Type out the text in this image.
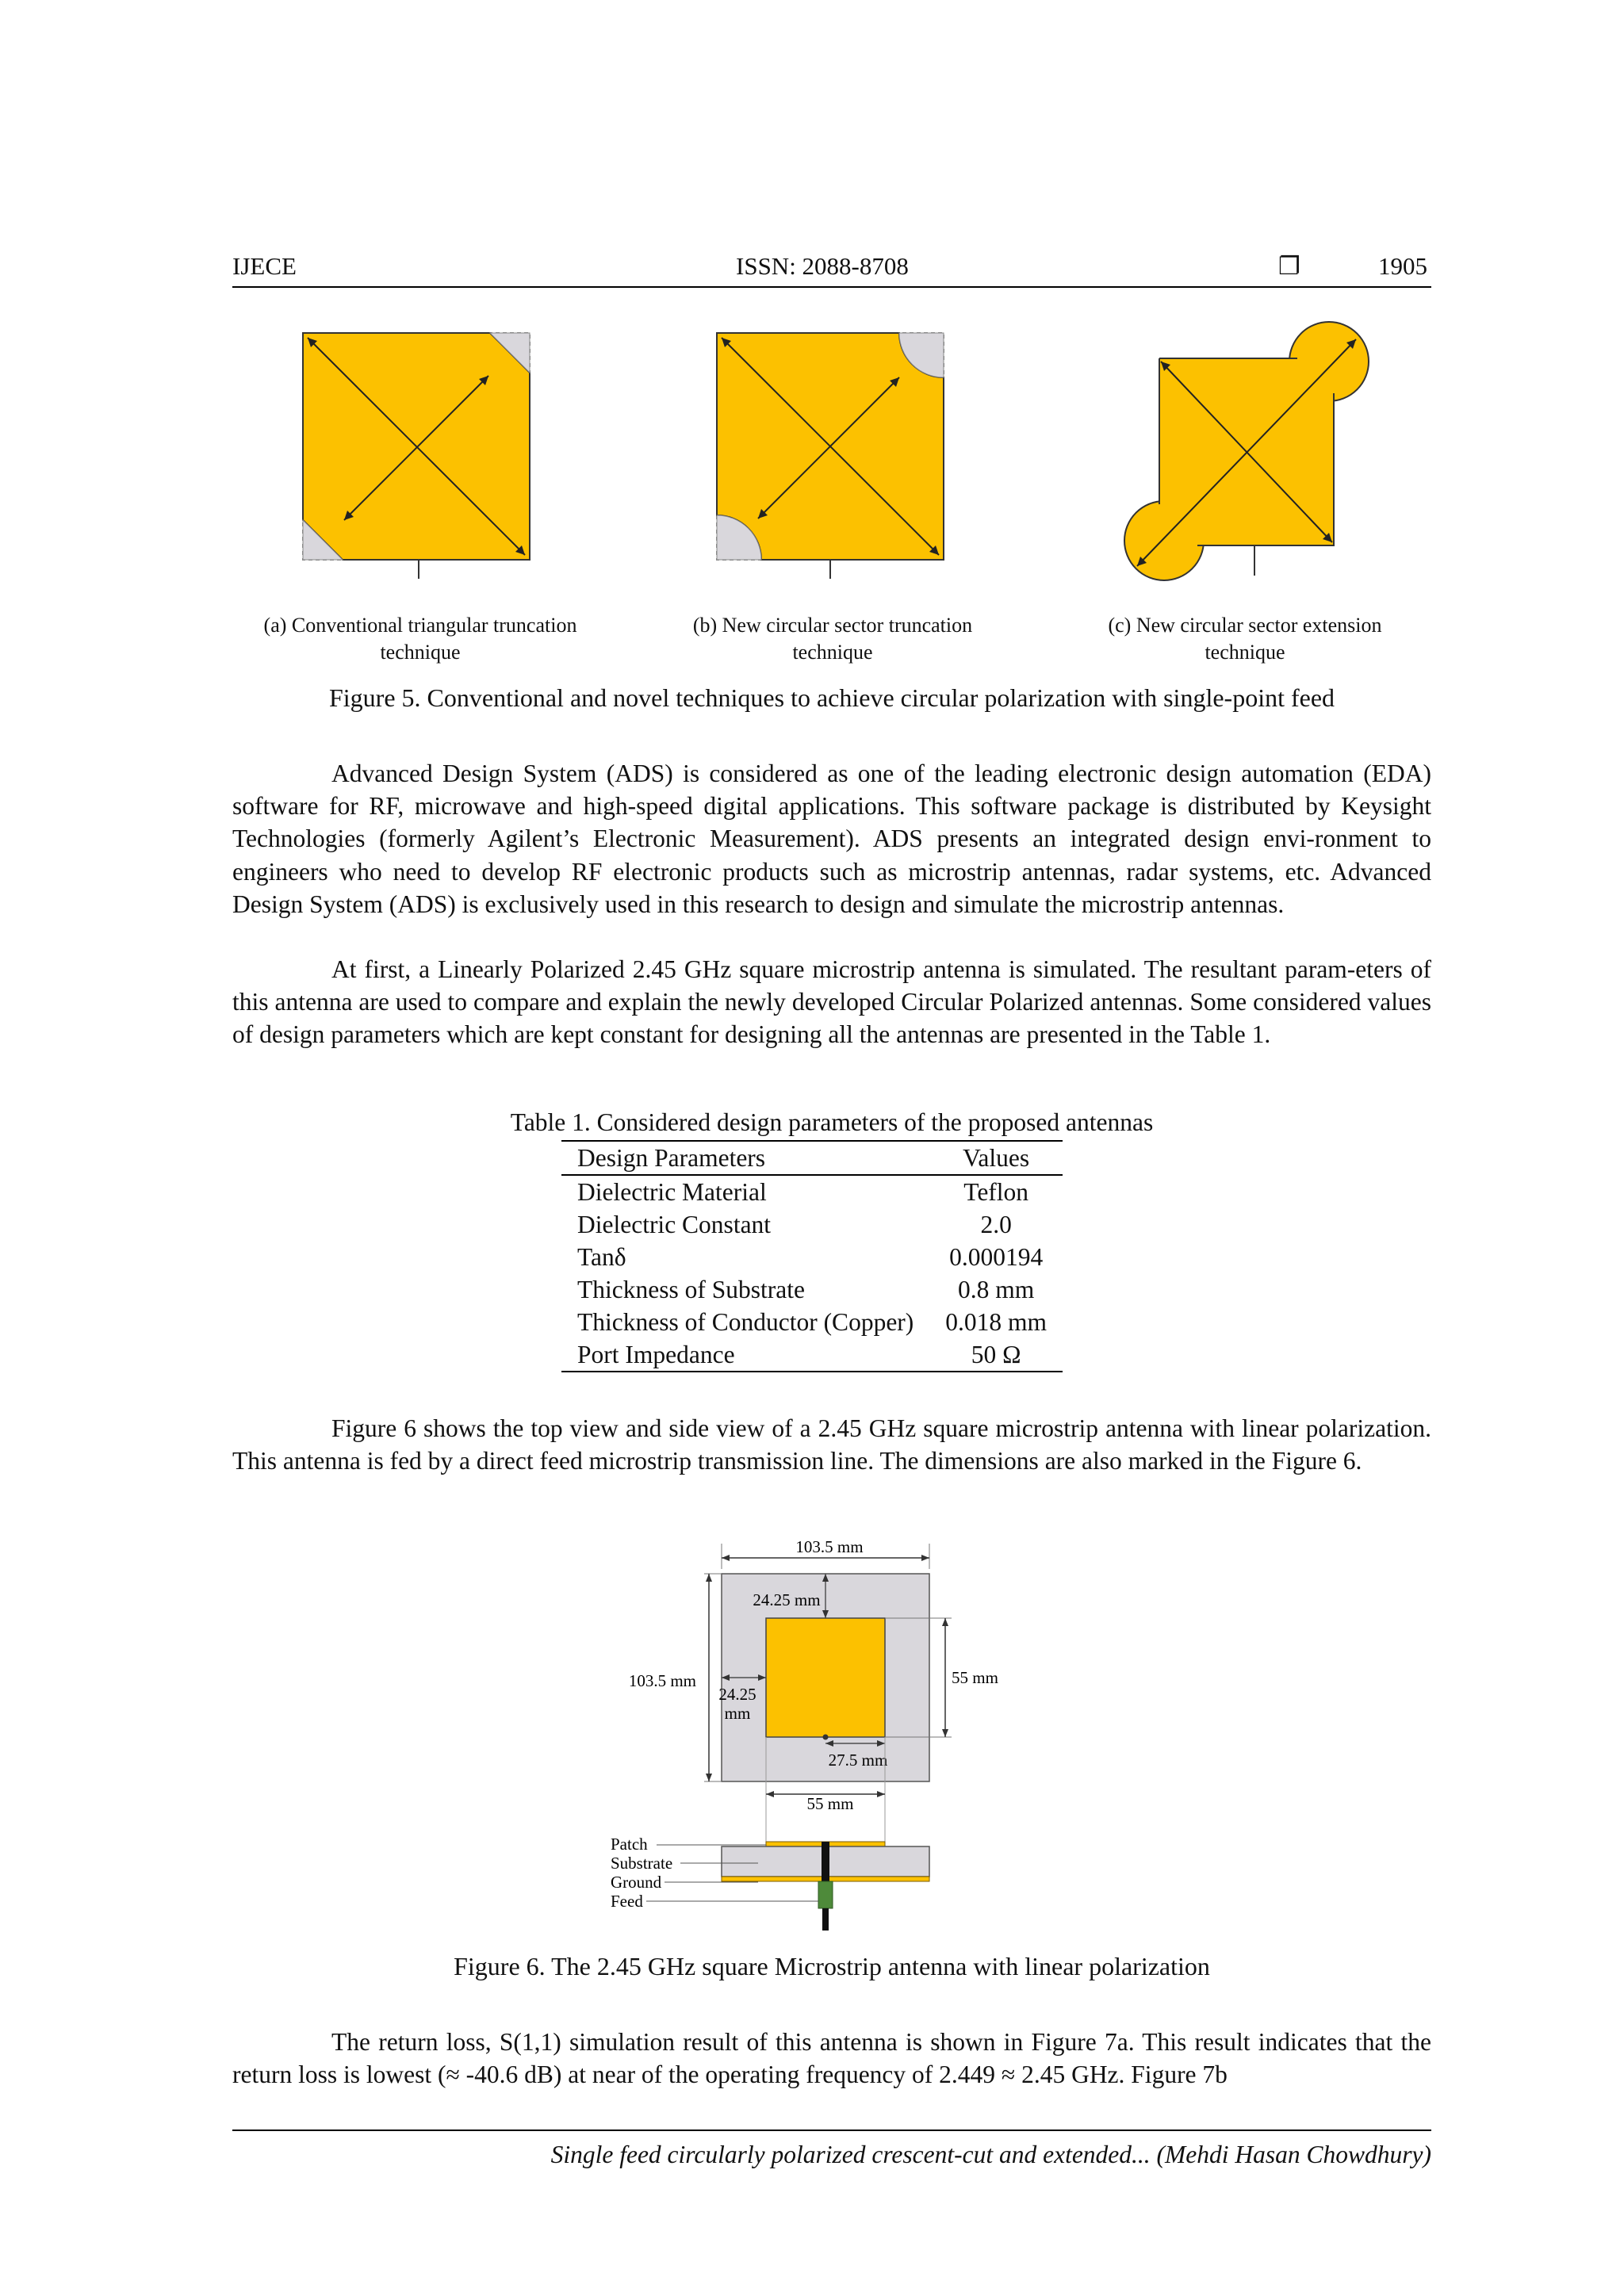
IJECE	ISSN: 2088-8708	❐	1905
(a) Conventional triangular truncation
technique
(b) New circular sector truncation
technique
(c) New circular sector extension
technique
Figure 5. Conventional and novel techniques to achieve circular polarization with single-point feed

Advanced Design System (ADS) is considered as one of the leading electronic design automation (EDA) software for RF, microwave and high-speed digital applications. This software package is distributed by Keysight Technologies (formerly Agilent’s Electronic Measurement). ADS presents an integrated design envi-ronment to engineers who need to develop RF electronic products such as microstrip antennas, radar systems, etc. Advanced Design System (ADS) is exclusively used in this research to design and simulate the microstrip antennas.

At first, a Linearly Polarized 2.45 GHz square microstrip antenna is simulated. The resultant param-eters of this antenna are used to compare and explain the newly developed Circular Polarized antennas. Some considered values of design parameters which are kept constant for designing all the antennas are presented in the Table 1.

Table 1. Considered design parameters of the proposed antennas
Design Parameters	Values
Dielectric Material	Teflon
Dielectric Constant	2.0
Tanδ	0.000194
Thickness of Substrate	0.8 mm
Thickness of Conductor (Copper)	0.018 mm
Port Impedance	50 Ω

Figure 6 shows the top view and side view of a 2.45 GHz square microstrip antenna with linear polarization. This antenna is fed by a direct feed microstrip transmission line. The dimensions are also marked in the Figure 6.

103.5 mm
24.25 mm
103.5 mm
24.25
mm
55 mm
27.5 mm
55 mm
Patch
Substrate
Ground
Feed
Figure 6. The 2.45 GHz square Microstrip antenna with linear polarization

The return loss, S(1,1) simulation result of this antenna is shown in Figure 7a. This result indicates that the return loss is lowest (≈ -40.6 dB) at near of the operating frequency of 2.449 ≈ 2.45 GHz. Figure 7b

Single feed circularly polarized crescent-cut and extended... (Mehdi Hasan Chowdhury)
